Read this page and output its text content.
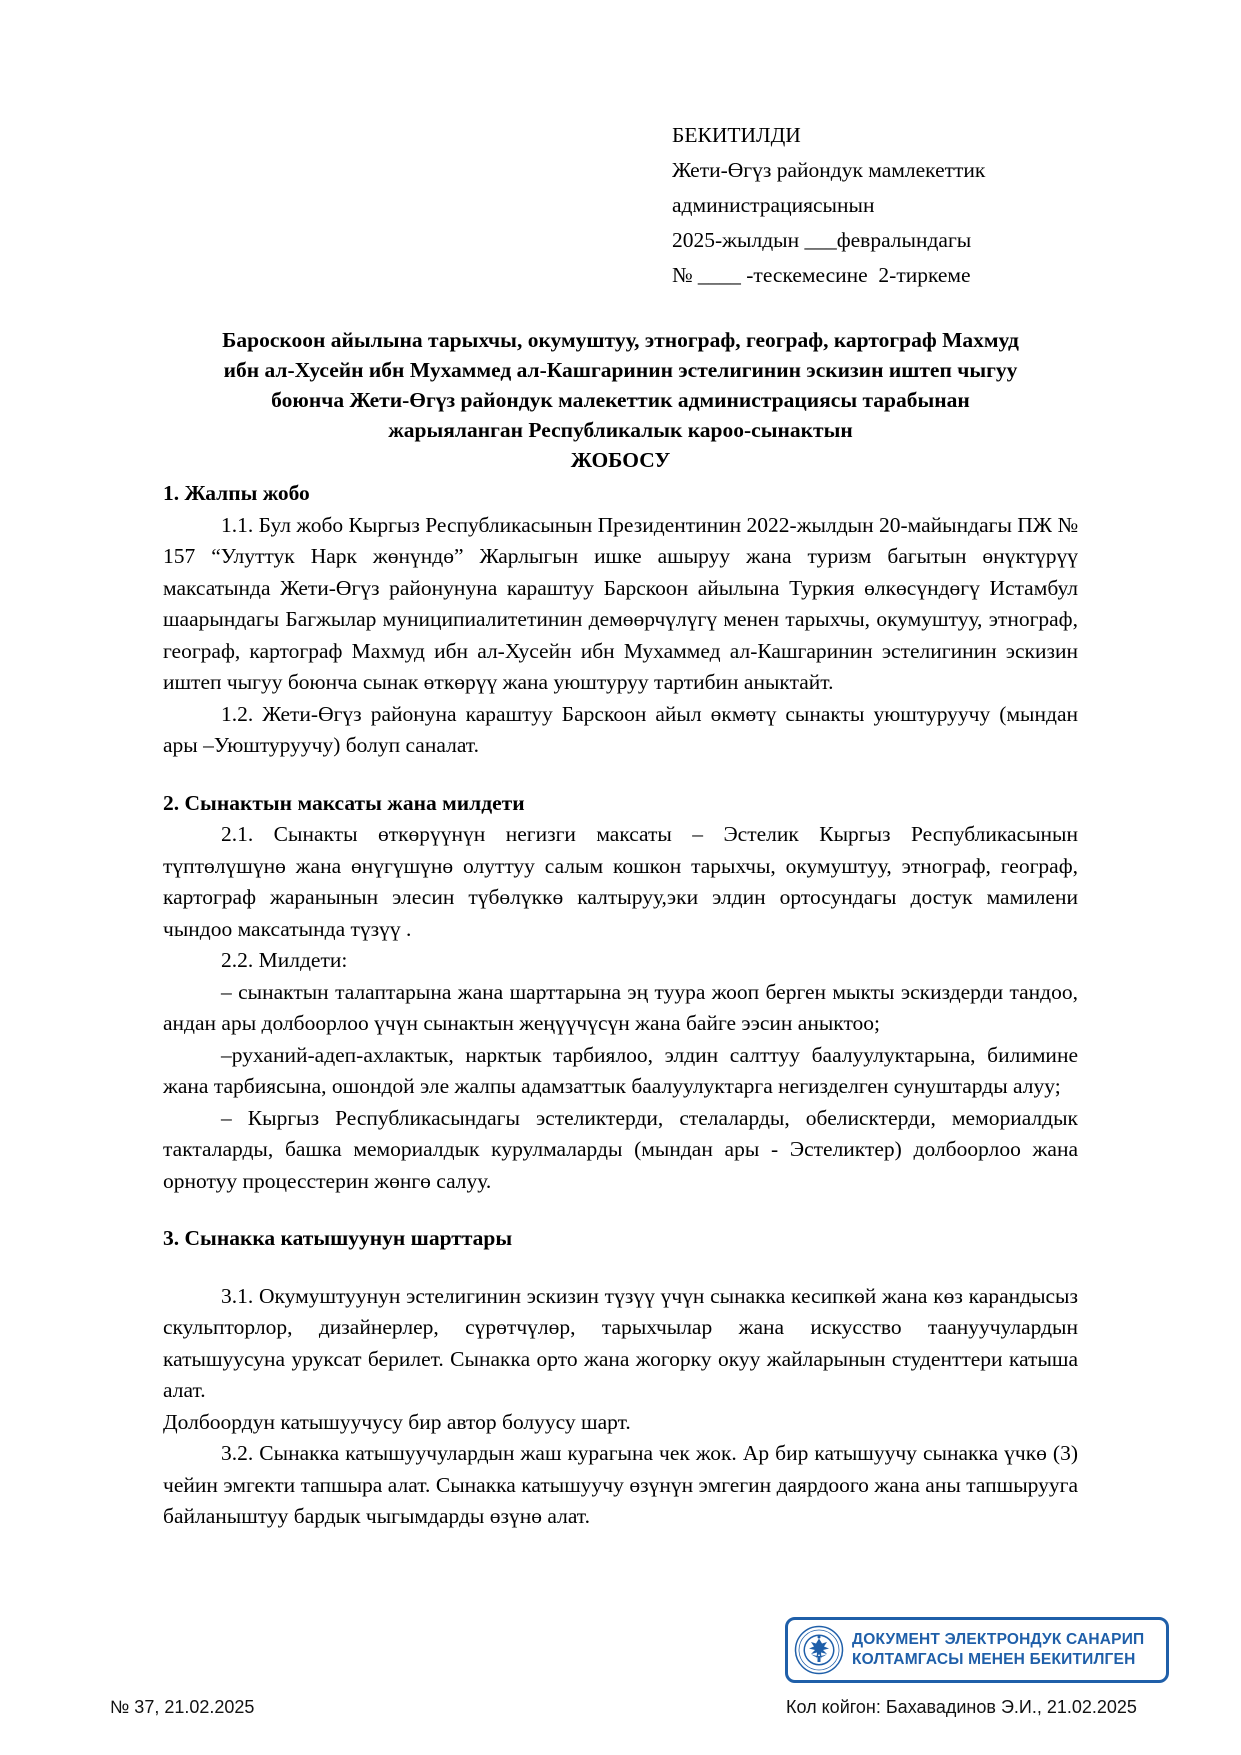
БЕКИТИЛДИ
Жети-Өгүз райондук мамлекеттик
администрациясынын
2025-жылдын ___февралындагы
№ ____ -тескемесине  2-тиркеме
Бароскоон айылына тарыхчы, окумуштуу, этнограф, географ, картограф Махмуд
ибн ал-Хусейн ибн Мухаммед ал-Кашгаринин эстелигинин эскизин иштеп чыгуу
боюнча Жети-Өгүз райондук малекеттик администрациясы тарабынан
жарыяланган Республикалык кароо-сынактын
ЖОБОСУ

1. Жалпы жобо

1.1. Бул жобо Кыргыз Республикасынын Президентинин 2022-жылдын 20-майындагы ПЖ № 157 “Улуттук Нарк жөнүндө” Жарлыгын ишке ашыруу жана туризм багытын өнүктүрүү максатында Жети-Өгүз районунуна караштуу Барскоон айылына Туркия өлкөсүндөгү Истамбул шаарындагы Багжылар муниципиалитетинин демөөрчүлүгү менен тарыхчы, окумуштуу, этнограф, географ, картограф Махмуд ибн ал-Хусейн ибн Мухаммед ал-Кашгаринин эстелигинин эскизин иштеп чыгуу боюнча сынак өткөрүү жана уюштуруу тартибин аныктайт.

1.2. Жети-Өгүз районуна караштуу Барскоон айыл өкмөтү сынакты уюштуруучу (мындан ары –Уюштуруучу) болуп саналат.

2. Сынактын максаты жана милдети

2.1. Сынакты өткөрүүнүн негизги максаты – Эстелик Кыргыз Республикасынын түптөлүшүнө жана өнүгүшүнө олуттуу салым кошкон тарыхчы, окумуштуу, этнограф, географ, картограф жаранынын элесин түбөлүккө калтыруу,эки элдин ортосундагы достук мамилени чындоо максатында түзүү .

2.2. Милдети:

– сынактын талаптарына жана шарттарына эң туура жооп берген мыкты эскиздерди тандоо, андан ары долбоорлоо үчүн сынактын жеңүүчүсүн жана байге ээсин аныктоо;

–руханий-адеп-ахлактык, нарктык тарбиялоо, элдин салттуу баалуулуктарына, билимине жана тарбиясына, ошондой эле жалпы адамзаттык баалуулуктарга негизделген сунуштарды алуу;

– Кыргыз Республикасындагы эстеликтерди, стелаларды, обелисктерди, мемориалдык такталарды, башка мемориалдык курулмаларды (мындан ары - Эстеликтер) долбоорлоо жана орнотуу процесстерин жөнгө салуу.

3. Сынакка катышуунун шарттары

3.1. Окумуштуунун эстелигинин эскизин түзүү үчүн сынакка кесипкөй жана көз карандысыз скульпторлор, дизайнерлер, сүрөтчүлөр, тарыхчылар жана искусство таануучулардын катышуусуна уруксат берилет. Сынакка орто жана жогорку окуу жайларынын студенттери катыша алат.

Долбоордун катышуучусу бир автор болуусу шарт.

3.2. Сынакка катышуучулардын жаш курагына чек жок. Ар бир катышуучу сынакка үчкө (3) чейин эмгекти тапшыра алат. Сынакка катышуучу өзүнүн эмгегин даярдоого жана аны тапшырууга байланыштуу бардык чыгымдарды өзүнө алат.

ДОКУМЕНТ ЭЛЕКТРОНДУК САНАРИП
КОЛТАМГАСЫ МЕНЕН БЕКИТИЛГЕН
№ 37, 21.02.2025	Кол койгон: Бахавадинов Э.И., 21.02.2025
